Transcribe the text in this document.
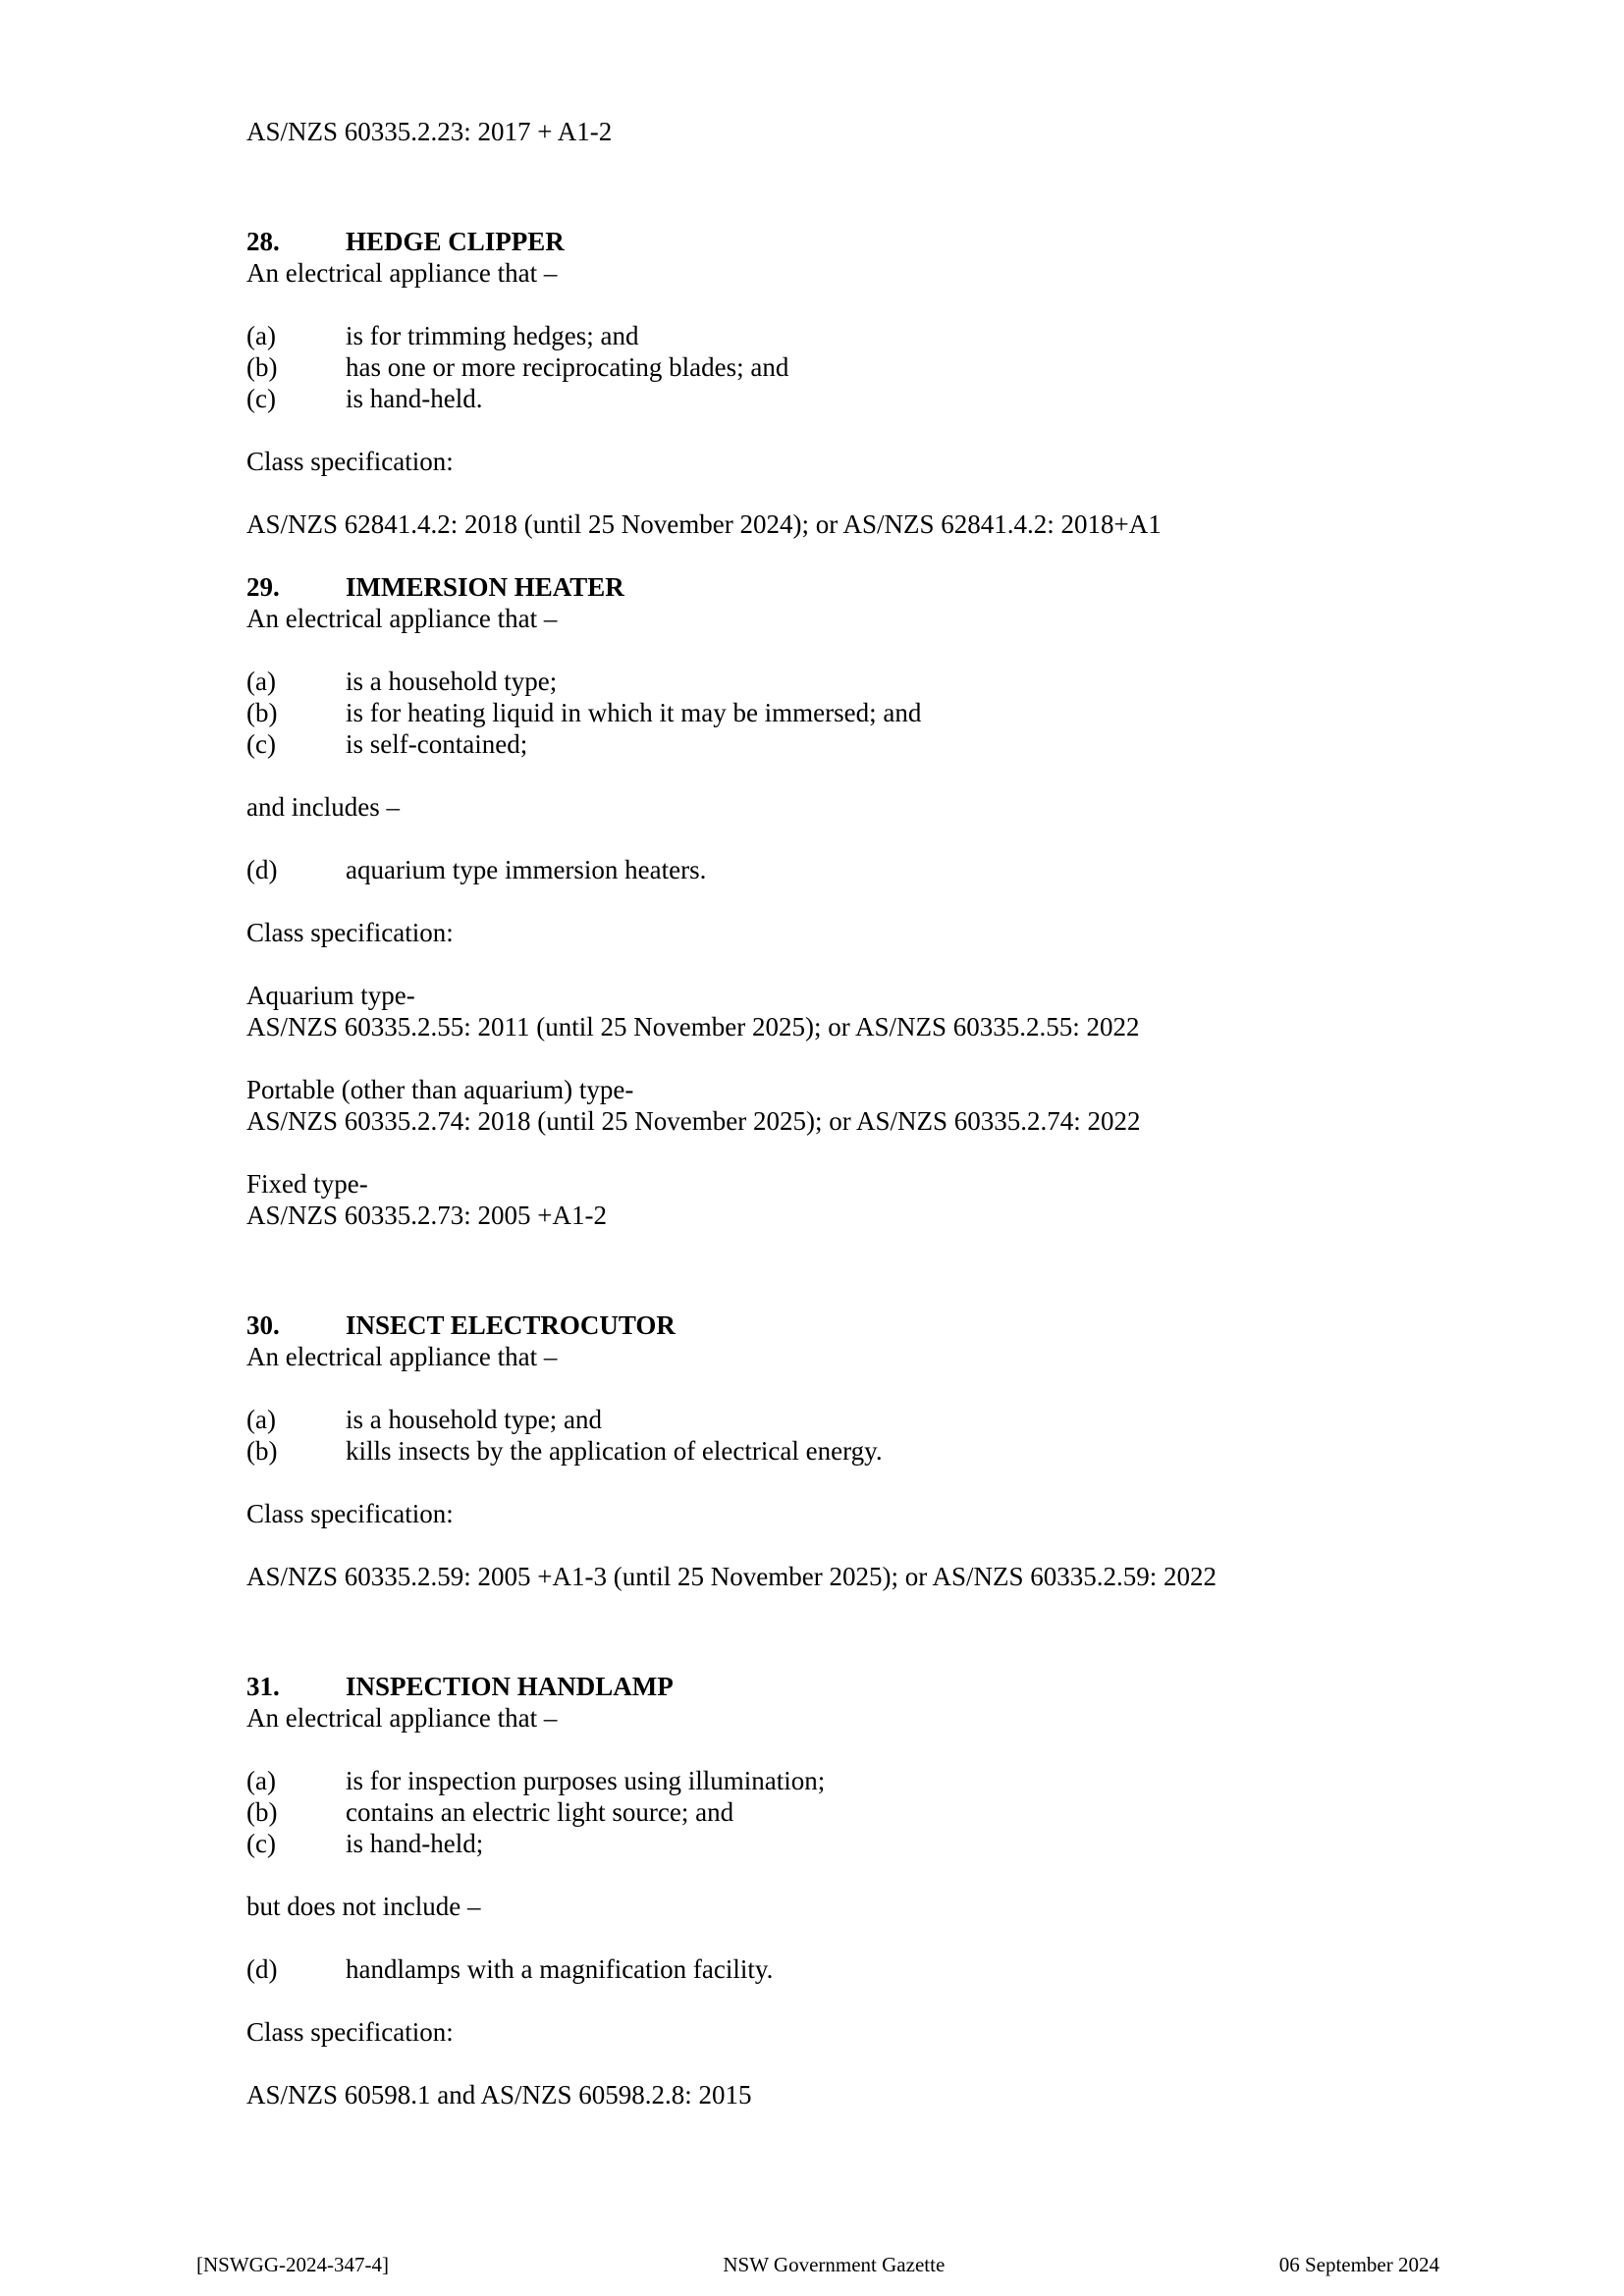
AS/NZS 60335.2.23: 2017 + A1-2
28.	HEDGE CLIPPER
An electrical appliance that –
(a)	is for trimming hedges; and
(b)	has one or more reciprocating blades; and
(c)	is hand-held.
Class specification:
AS/NZS 62841.4.2: 2018 (until 25 November 2024); or AS/NZS 62841.4.2: 2018+A1
29.	IMMERSION HEATER
An electrical appliance that –
(a)	is a household type;
(b)	is for heating liquid in which it may be immersed; and
(c)	is self-contained;
and includes –
(d)	aquarium type immersion heaters.
Class specification:
Aquarium type-
AS/NZS 60335.2.55: 2011 (until 25 November 2025); or AS/NZS 60335.2.55: 2022
Portable (other than aquarium) type-
AS/NZS 60335.2.74: 2018 (until 25 November 2025); or AS/NZS 60335.2.74: 2022
Fixed type-
AS/NZS 60335.2.73: 2005 +A1-2
30.	INSECT ELECTROCUTOR
An electrical appliance that –
(a)	is a household type; and
(b)	kills insects by the application of electrical energy.
Class specification:
AS/NZS 60335.2.59: 2005 +A1-3 (until 25 November 2025); or AS/NZS 60335.2.59: 2022
31.	INSPECTION HANDLAMP
An electrical appliance that –
(a)	is for inspection purposes using illumination;
(b)	contains an electric light source; and
(c)	is hand-held;
but does not include –
(d)	handlamps with a magnification facility.
Class specification:
AS/NZS 60598.1 and AS/NZS 60598.2.8: 2015
[NSWGG-2024-347-4]	NSW Government Gazette	06 September 2024
